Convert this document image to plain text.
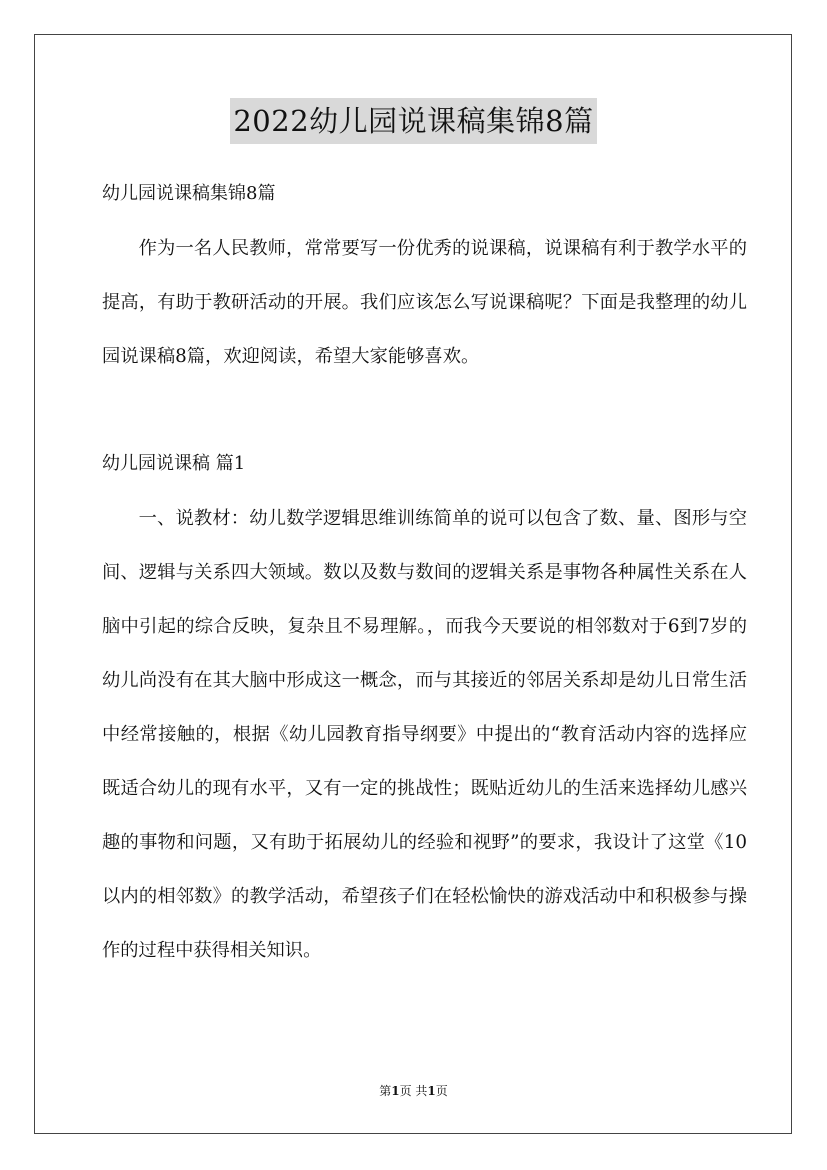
2022幼儿园说课稿集锦8篇
幼儿园说课稿集锦8篇

作为一名人民教师，常常要写一份优秀的说课稿，说课稿有利于教学水平的提高，有助于教研活动的开展。我们应该怎么写说课稿呢？下面是我整理的幼儿园说课稿8篇，欢迎阅读，希望大家能够喜欢。

幼儿园说课稿 篇1

一、说教材：幼儿数学逻辑思维训练简单的说可以包含了数、量、图形与空间、逻辑与关系四大领域。数以及数与数间的逻辑关系是事物各种属性关系在人脑中引起的综合反映，复杂且不易理解。，而我今天要说的相邻数对于6到7岁的幼儿尚没有在其大脑中形成这一概念，而与其接近的邻居关系却是幼儿日常生活中经常接触的，根据《幼儿园教育指导纲要》中提出的“教育活动内容的选择应既适合幼儿的现有水平，又有一定的挑战性；既贴近幼儿的生活来选择幼儿感兴趣的事物和问题，又有助于拓展幼儿的经验和视野”的要求，我设计了这堂《10以内的相邻数》的教学活动，希望孩子们在轻松愉快的游戏活动中和积极参与操作的过程中获得相关知识。

第1页 共1页
